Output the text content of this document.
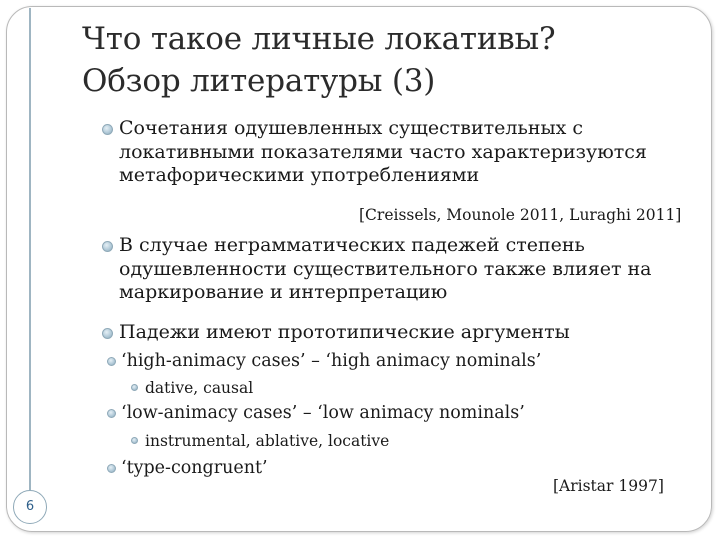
Что такое личные локативы?
Обзор литературы (3)
Сочетания одушевленных существительных с
локативными показателями часто характеризуются
метафорическими употреблениями
[Creissels, Mounole 2011, Luraghi 2011]
В случае неграмматических падежей степень
одушевленности существительного также влияет на
маркирование и интерпретацию
Падежи имеют прототипические аргументы
‘high-animacy cases’ – ‘high animacy nominals’
dative, causal
‘low-animacy cases’ – ‘low animacy nominals’
instrumental, ablative, locative
‘type-congruent’
[Aristar 1997]
6
